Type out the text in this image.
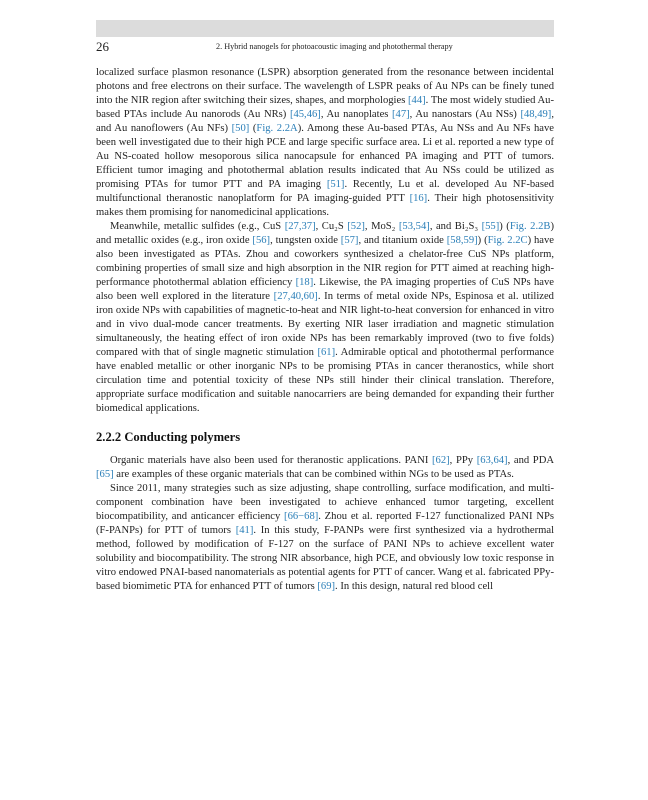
26	2. Hybrid nanogels for photoacoustic imaging and photothermal therapy

localized surface plasmon resonance (LSPR) absorption generated from the resonance between incidental photons and free electrons on their surface. The wavelength of LSPR peaks of Au NPs can be finely tuned into the NIR region after switching their sizes, shapes, and morphologies [44]. The most widely studied Au-based PTAs include Au nanorods (Au NRs) [45,46], Au nanoplates [47], Au nanostars (Au NSs) [48,49], and Au nanoflowers (Au NFs) [50] (Fig. 2.2A). Among these Au-based PTAs, Au NSs and Au NFs have been well investigated due to their high PCE and large specific surface area. Li et al. reported a new type of Au NS-coated hollow mesoporous silica nanocapsule for enhanced PA imaging and PTT of tumors. Efficient tumor imaging and photothermal ablation results indicated that Au NSs could be utilized as promising PTAs for tumor PTT and PA imaging [51]. Recently, Lu et al. developed Au NF-based multifunctional theranostic nanoplatform for PA imaging-guided PTT [16]. Their high photosensitivity makes them promising for nanomedicinal applications.

Meanwhile, metallic sulfides (e.g., CuS [27,37], Cu₂S [52], MoS₂ [53,54], and Bi₂S₃ [55]) (Fig. 2.2B) and metallic oxides (e.g., iron oxide [56], tungsten oxide [57], and titanium oxide [58,59]) (Fig. 2.2C) have also been investigated as PTAs. Zhou and coworkers synthesized a chelator-free CuS NPs platform, combining properties of small size and high absorption in the NIR region for PTT aimed at reaching high-performance photothermal ablation efficiency [18]. Likewise, the PA imaging properties of CuS NPs have also been well explored in the literature [27,40,60]. In terms of metal oxide NPs, Espinosa et al. utilized iron oxide NPs with capabilities of magnetic-to-heat and NIR light-to-heat conversion for enhanced in vitro and in vivo dual-mode cancer treatments. By exerting NIR laser irradiation and magnetic stimulation simultaneously, the heating effect of iron oxide NPs has been remarkably improved (two to five folds) compared with that of single magnetic stimulation [61]. Admirable optical and photothermal performance have enabled metallic or other inorganic NPs to be promising PTAs in cancer theranostics, while short circulation time and potential toxicity of these NPs still hinder their clinical translation. Therefore, appropriate surface modification and suitable nanocarriers are being demanded for expanding their further biomedical applications.

2.2.2 Conducting polymers

Organic materials have also been used for theranostic applications. PANI [62], PPy [63,64], and PDA [65] are examples of these organic materials that can be combined within NGs to be used as PTAs.

Since 2011, many strategies such as size adjusting, shape controlling, surface modification, and multi-component combination have been investigated to achieve enhanced tumor targeting, excellent biocompatibility, and anticancer efficiency [66−68]. Zhou et al. reported F-127 functionalized PANI NPs (F-PANPs) for PTT of tumors [41]. In this study, F-PANPs were first synthesized via a hydrothermal method, followed by modification of F-127 on the surface of PANI NPs to achieve excellent water solubility and biocompatibility. The strong NIR absorbance, high PCE, and obviously low toxic response in vitro endowed PNAI-based nanomaterials as potential agents for PTT of cancer. Wang et al. fabricated PPy-based biomimetic PTA for enhanced PTT of tumors [69]. In this design, natural red blood cell
